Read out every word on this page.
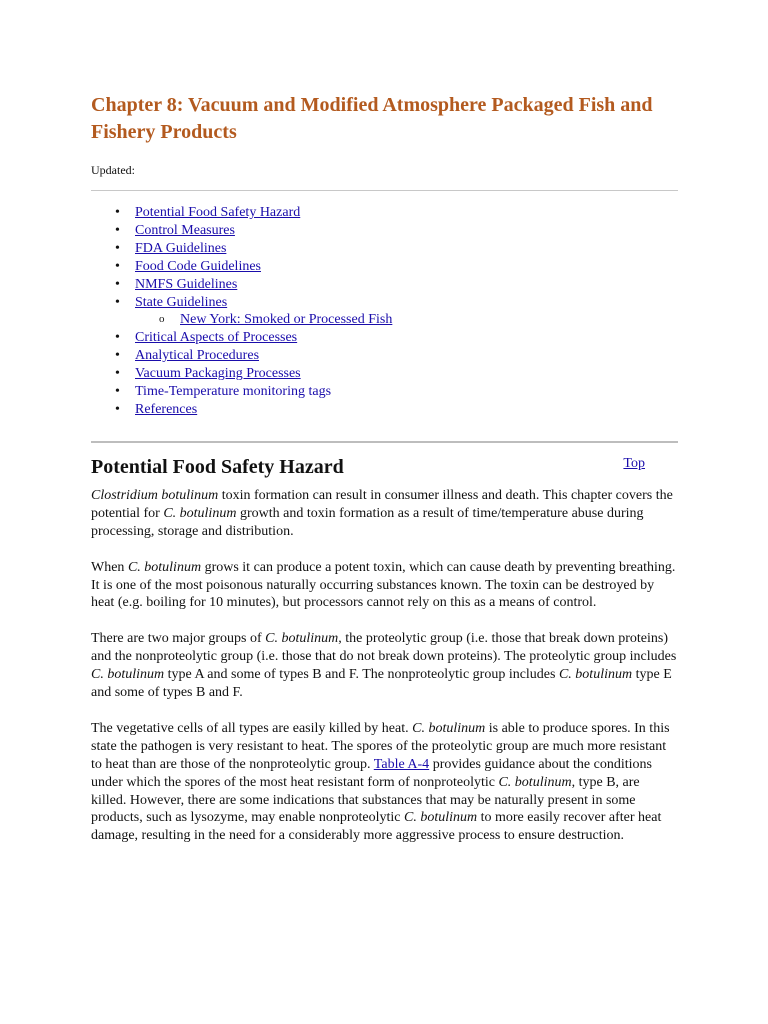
Chapter 8: Vacuum and Modified Atmosphere Packaged Fish and Fishery Products
Updated:
• Potential Food Safety Hazard
• Control Measures
• FDA Guidelines
• Food Code Guidelines
• NMFS Guidelines
• State Guidelines
o New York: Smoked or Processed Fish
• Critical Aspects of Processes
• Analytical Procedures
• Vacuum Packaging Processes
• Time-Temperature monitoring tags
• References
Potential Food Safety Hazard	Top

Clostridium botulinum toxin formation can result in consumer illness and death. This chapter covers the potential for C. botulinum growth and toxin formation as a result of time/temperature abuse during processing, storage and distribution.

When C. botulinum grows it can produce a potent toxin, which can cause death by preventing breathing. It is one of the most poisonous naturally occurring substances known. The toxin can be destroyed by heat (e.g. boiling for 10 minutes), but processors cannot rely on this as a means of control.

There are two major groups of C. botulinum, the proteolytic group (i.e. those that break down proteins) and the nonproteolytic group (i.e. those that do not break down proteins). The proteolytic group includes C. botulinum type A and some of types B and F. The nonproteolytic group includes C. botulinum type E and some of types B and F.

The vegetative cells of all types are easily killed by heat. C. botulinum is able to produce spores. In this state the pathogen is very resistant to heat. The spores of the proteolytic group are much more resistant to heat than are those of the nonproteolytic group. Table A-4 provides guidance about the conditions under which the spores of the most heat resistant form of nonproteolytic C. botulinum, type B, are killed. However, there are some indications that substances that may be naturally present in some products, such as lysozyme, may enable nonproteolytic C. botulinum to more easily recover after heat damage, resulting in the need for a considerably more aggressive process to ensure destruction.
